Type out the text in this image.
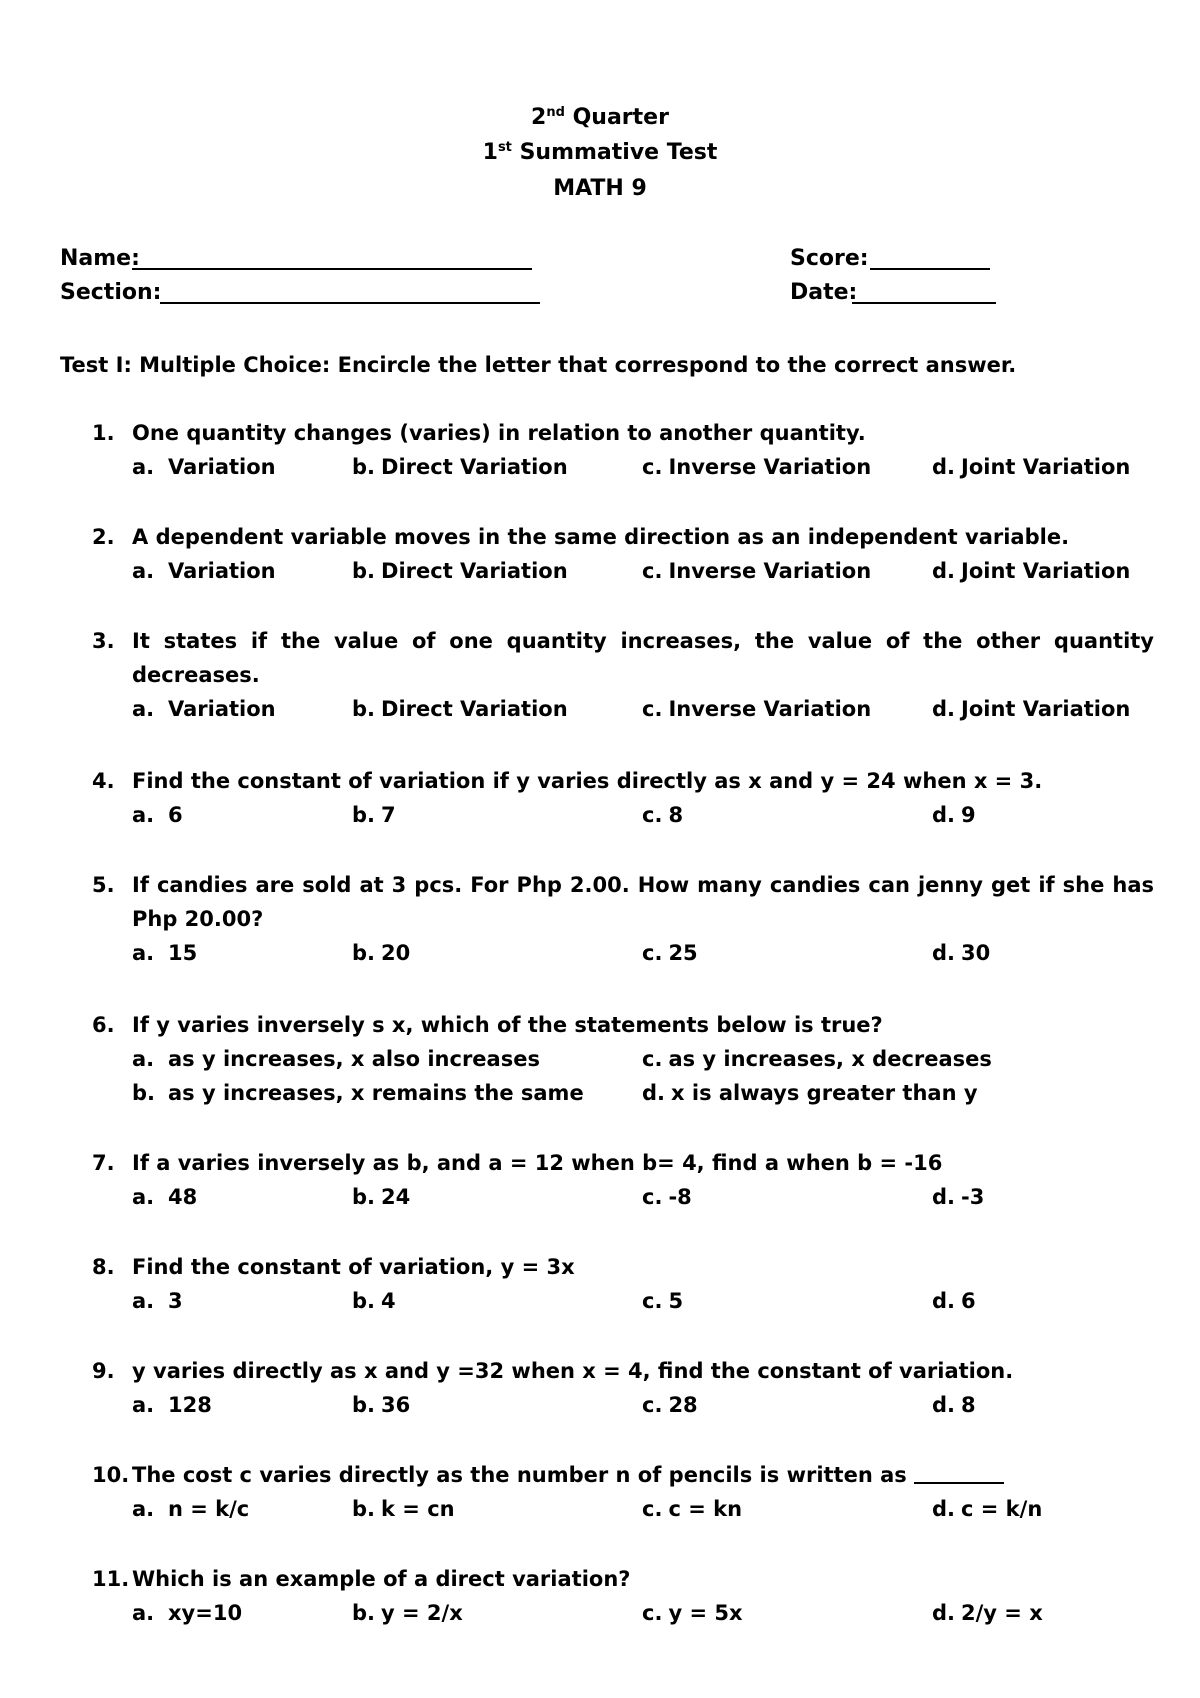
2nd Quarter
1st Summative Test
MATH 9
Name:
Section:
Score:
Date:
Test I: Multiple Choice: Encircle the letter that correspond to the correct answer.
1. One quantity changes (varies) in relation to another quantity.
a. Variation	b. Direct Variation	c. Inverse Variation	d. Joint Variation
2. A dependent variable moves in the same direction as an independent variable.
a. Variation	b. Direct Variation	c. Inverse Variation	d. Joint Variation
3. It states if the value of one quantity increases, the value of the other quantity decreases.
a. Variation	b. Direct Variation	c. Inverse Variation	d. Joint Variation
4. Find the constant of variation if y varies directly as x and y = 24 when x = 3.
a. 6	b. 7	c. 8	d. 9
5. If candies are sold at 3 pcs. For Php 2.00. How many candies can jenny get if she has Php 20.00?
a. 15	b. 20	c. 25	d. 30
6. If y varies inversely s x, which of the statements below is true?
a. as y increases, x also increases	c. as y increases, x decreases
b. as y increases, x remains the same	d. x is always greater than y
7. If a varies inversely as b, and a = 12 when b= 4, find a when b = -16
a. 48	b. 24	c. -8	d. -3
8. Find the constant of variation, y = 3x
a. 3	b. 4	c. 5	d. 6
9. y varies directly as x and y =32 when x = 4, find the constant of variation.
a. 128	b. 36	c. 28	d. 8
10. The cost c varies directly as the number n of pencils is written as
a. n = k/c	b. k = cn	c. c = kn	d. c = k/n
11. Which is an example of a direct variation?
a. xy=10	b. y = 2/x	c. y = 5x	d. 2/y = x
